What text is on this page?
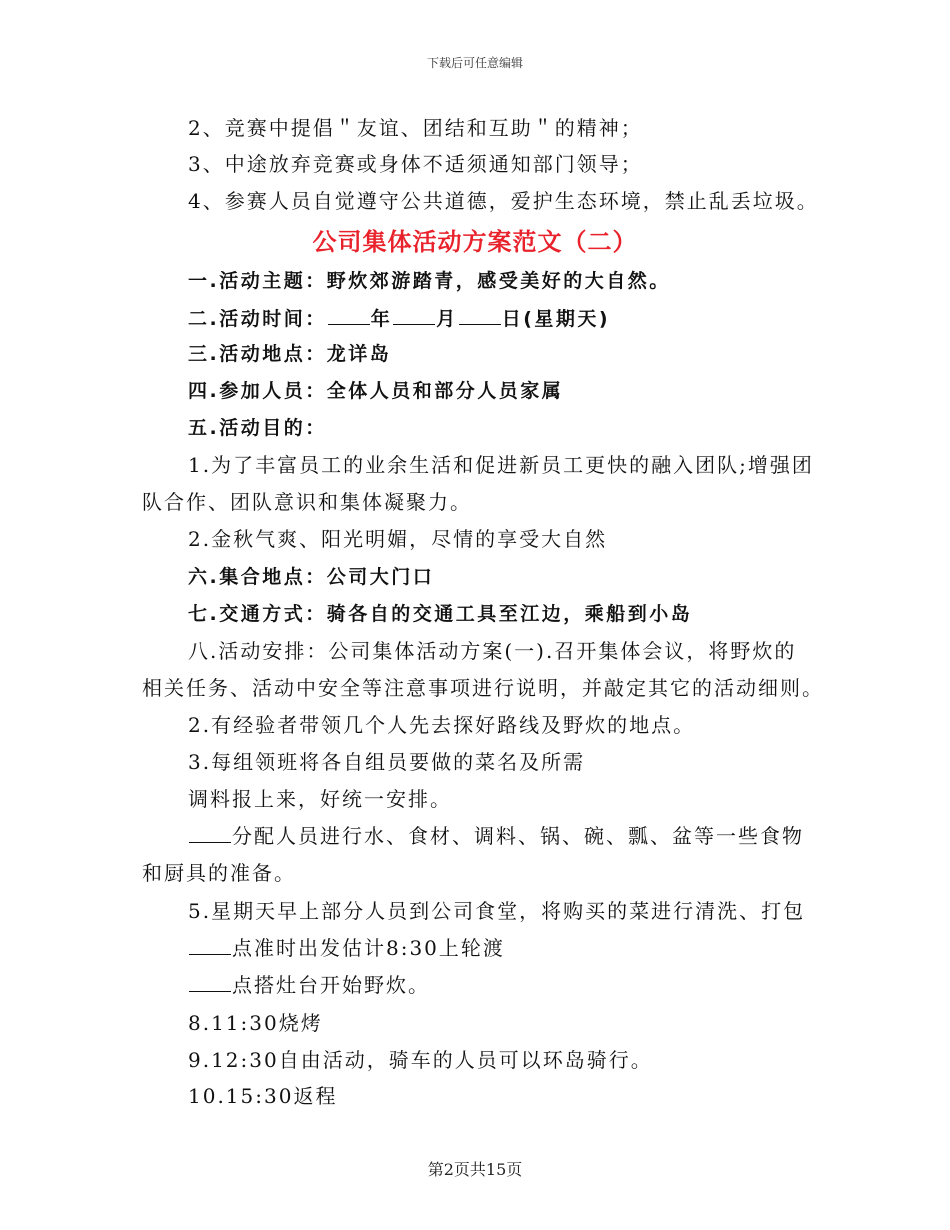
下载后可任意编辑
2、竞赛中提倡＂友谊、团结和互助＂的精神；
3、中途放弃竞赛或身体不适须通知部门领导；
4、参赛人员自觉遵守公共道德，爱护生态环境，禁止乱丢垃圾。
公司集体活动方案范文（二）
一.活动主题：野炊郊游踏青，感受美好的大自然。
二.活动时间： 年 月 日(星期天)
三.活动地点：龙详岛
四.参加人员：全体人员和部分人员家属
五.活动目的：
1.为了丰富员工的业余生活和促进新员工更快的融入团队;增强团
队合作、团队意识和集体凝聚力。
2.金秋气爽、阳光明媚，尽情的享受大自然
六.集合地点：公司大门口
七.交通方式：骑各自的交通工具至江边，乘船到小岛
八.活动安排：公司集体活动方案(一).召开集体会议，将野炊的
相关任务、活动中安全等注意事项进行说明，并敲定其它的活动细则。
2.有经验者带领几个人先去探好路线及野炊的地点。
3.每组领班将各自组员要做的菜名及所需
调料报上来，好统一安排。
分配人员进行水、食材、调料、锅、碗、瓢、盆等一些食物
和厨具的准备。
5.星期天早上部分人员到公司食堂，将购买的菜进行清洗、打包
点准时出发估计8:30上轮渡
点搭灶台开始野炊。
8.11:30烧烤
9.12:30自由活动，骑车的人员可以环岛骑行。
10.15:30返程
第2页共15页
